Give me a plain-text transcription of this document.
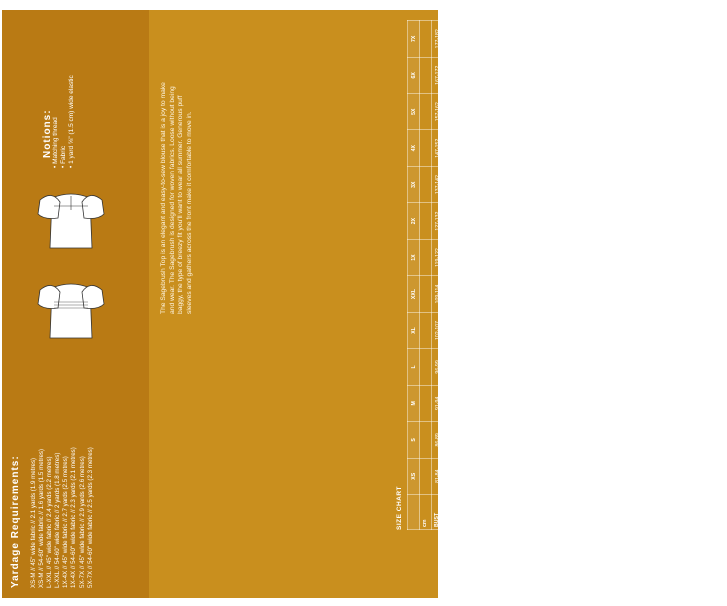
Notions: • Matching thread • Fabric • 1 yard ⅝" (1.5 cm) wide elastic
Yardage Requirements: XS-M // 45" wide fabric // 2.1 yards (1.9 metres) XS-M // 54-60" wide fabric // 1.6 yards (1.5 metres) L-XXL // 45" wide fabric // 2.4 yards (2.2 metres) L-XXL // 54-60" wide fabric // 2 yards (1.8 metres) 1X-4X // 45" wide fabric // 2.7 yards (2.5 metres) 1X-4X // 54-60" wide fabric // 2.3 yards (2.1 metres) 5X-7X // 45" wide fabric // 2.9 yards (2.6 metres) 5X-7X // 54-60" wide fabric // 2.5 yards (2.3 metres)	SIZE CHART
	XS	S	M	L	XL	XXL	1X	2X	3X	4X	5X	6X	7X
cm													
BUST	81-84	86-89	91-94	96-99	102-107	109-114	119-122	127-132	137-142	147-152	157-162	167-172	177-182
WAIST	61-64	66-69	71-74	76-81	84-89	91-97	99-104	109-114	119-124	130-135	140-145	150-155	160-165
HIPS	86-89	91-94	96-99	102-107	109-114	117-122	127-132	132-137	142-147	152-157	162-167	172-177	182-187
in													
BUST	32-33	34-35	36-37	38-39	40-42	43-45	47-48	50-52	54-56	58-60	62-64	66-68	70-72
WAIST	24-25	26-27	28-29	30-32	33-35	36-38	39-41	43-45	47-49	51-53	55-57	59-61	63-65
HIPS	34-35	36-37	38-39	40-42	43-45	46-48	50-52	52-54	56-58	60-62	64-66	68-70	72-74
FINISHED GARMENT MEASUREMENTS
	XS	S	M	L	XL	XXL	1X	2X	3X	4X	5X	6X	7X
inches													
BUST	40	42	44	46	48	50	52	55	57	59	61	63	65
FULL BUST	38	40	42	44	46	48	50	53	55	57	59	61	63
WAIST	40	42	44	46	48	50	52	55	57	59	61	63	65
HIPS	40	42	44	46	48	50	52	55	57	59	61	63	65
SIDE SEAM	13.2	13.4	13.5	13.6	13.7	13.8	13.9	14.0	14.1	14.2	14.3	14.3	14.4
	XS	S	M	L	XL	XXL	1X	2X	3X	4X	5X	6X	7X
cm													
BUST	102	107	112	117	122	127	132	140	145	150	155	160	165
FULL BUST	97	102	107	112	117	122	127	135	140	145	150	155	160
WAIST	102	107	112	117	122	127	132	140	145	150	155	160	165
HIPS	102	107	112	117	122	127	132	140	145	150	155	160	165
SIDE SEAM	33.5	33.8	34.0	34.3	34.5	35.1	35.3	35.6	35.8	36.1	36.3	36.3	36.6
The Sagebrush Top is an elegant and easy-to-sew blouse that is a joy to make and wear. The Sagebrush is designed for woven fabrics. Loose without being baggy, the type of breezy fit you'll want to wear all summer. Generous puff sleeves and gathers across the front make it comfortable to move in.
